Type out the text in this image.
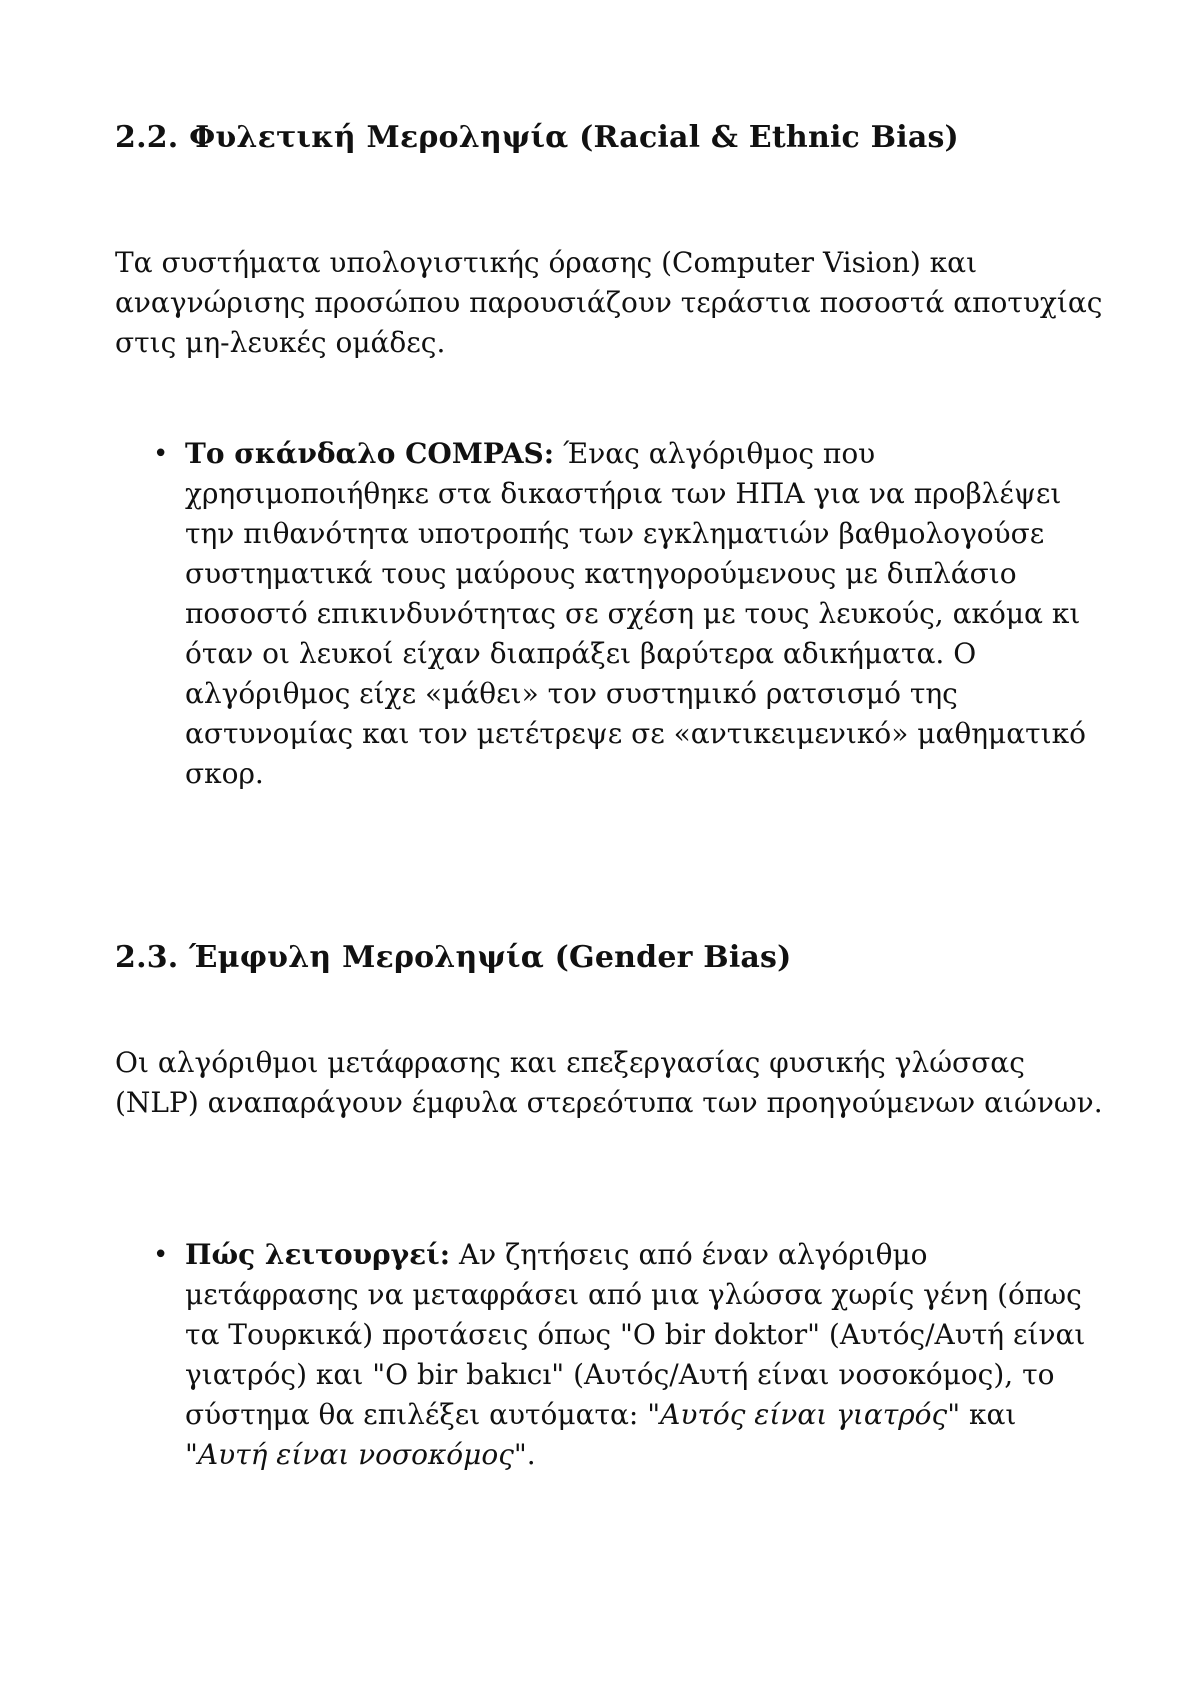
2.2. Φυλετική Μεροληψία (Racial & Ethnic Bias)

Τα συστήματα υπολογιστικής όρασης (Computer Vision) και αναγνώρισης προσώπου παρουσιάζουν τεράστια ποσοστά αποτυχίας στις μη-λευκές ομάδες.

• Το σκάνδαλο COMPAS: Ένας αλγόριθμος που χρησιμοποιήθηκε στα δικαστήρια των ΗΠΑ για να προβλέψει την πιθανότητα υποτροπής των εγκληματιών βαθμολογούσε συστηματικά τους μαύρους κατηγορούμενους με διπλάσιο ποσοστό επικινδυνότητας σε σχέση με τους λευκούς, ακόμα κι όταν οι λευκοί είχαν διαπράξει βαρύτερα αδικήματα. Ο αλγόριθμος είχε «μάθει» τον συστημικό ρατσισμό της αστυνομίας και τον μετέτρεψε σε «αντικειμενικό» μαθηματικό σκορ.
2.3. Έμφυλη Μεροληψία (Gender Bias)

Οι αλγόριθμοι μετάφρασης και επεξεργασίας φυσικής γλώσσας (NLP) αναπαράγουν έμφυλα στερεότυπα των προηγούμενων αιώνων.

• Πώς λειτουργεί: Αν ζητήσεις από έναν αλγόριθμο μετάφρασης να μεταφράσει από μια γλώσσα χωρίς γένη (όπως τα Τουρκικά) προτάσεις όπως "O bir doktor" (Αυτός/Αυτή είναι γιατρός) και "O bir bakıcı" (Αυτός/Αυτή είναι νοσοκόμος), το σύστημα θα επιλέξει αυτόματα: "Αυτός είναι γιατρός" και "Αυτή είναι νοσοκόμος".
